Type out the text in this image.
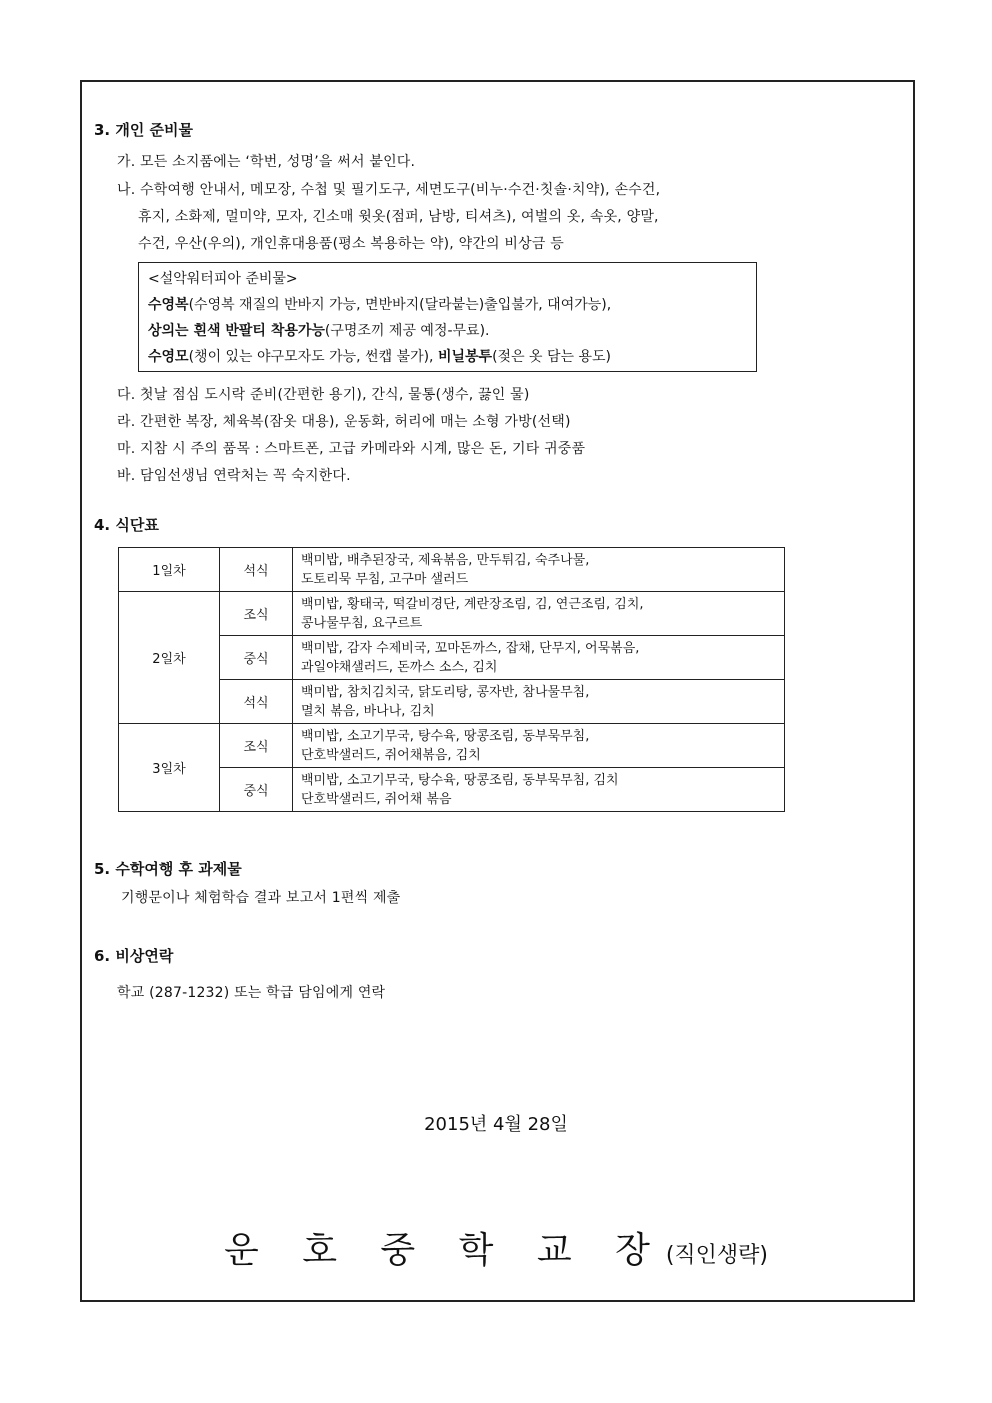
3. 개인 준비물
가. 모든 소지품에는 ‘학번, 성명’을 써서 붙인다.
나. 수학여행 안내서, 메모장, 수첩 및 필기도구, 세면도구(비누·수건·칫솔·치약), 손수건,
휴지, 소화제, 멀미약, 모자, 긴소매 윗옷(점퍼, 남방, 티셔츠), 여벌의 옷, 속옷, 양말,
수건, 우산(우의), 개인휴대용품(평소 복용하는 약), 약간의 비상금 등
<설악워터피아 준비물>
수영복(수영복 재질의 반바지 가능, 면반바지(달라붙는)출입불가, 대여가능),
상의는 흰색 반팔티 착용가능(구명조끼 제공 예정-무료).
수영모(챙이 있는 야구모자도 가능, 썬캡 불가), 비닐봉투(젖은 옷 담는 용도)
다. 첫날 점심 도시락 준비(간편한 용기), 간식, 물통(생수, 끓인 물)
라. 간편한 복장, 체육복(잠옷 대용), 운동화, 허리에 매는 소형 가방(선택)
마. 지참 시 주의 품목 : 스마트폰, 고급 카메라와 시계, 많은 돈, 기타 귀중품
바. 담임선생님 연락처는 꼭 숙지한다.
4. 식단표
1일차	석식	백미밥, 배추된장국, 제육볶음, 만두튀김, 숙주나물,
도토리묵 무침, 고구마 샐러드

2일차	조식	백미밥, 황태국, 떡갈비경단, 계란장조림, 김, 연근조림, 김치,
콩나물무침, 요구르트

	중식	백미밥, 감자 수제비국, 꼬마돈까스, 잡채, 단무지, 어묵볶음,
과일야채샐러드, 돈까스 소스, 김치

	석식	백미밥, 참치김치국, 닭도리탕, 콩자반, 참나물무침,
멸치 볶음, 바나나, 김치

3일차	조식	백미밥, 소고기무국, 탕수육, 땅콩조림, 동부묵무침,
단호박샐러드, 쥐어채볶음, 김치

	중식	백미밥, 소고기무국, 탕수육, 땅콩조림, 동부묵무침, 김치
단호박샐러드, 쥐어채 볶음
5. 수학여행 후 과제물
기행문이나 체험학습 결과 보고서 1편씩 제출
6. 비상연락
학교 (287-1232) 또는 학급 담임에게 연락
2015년 4월 28일
운 호 중 학 교 장(직인생략)
